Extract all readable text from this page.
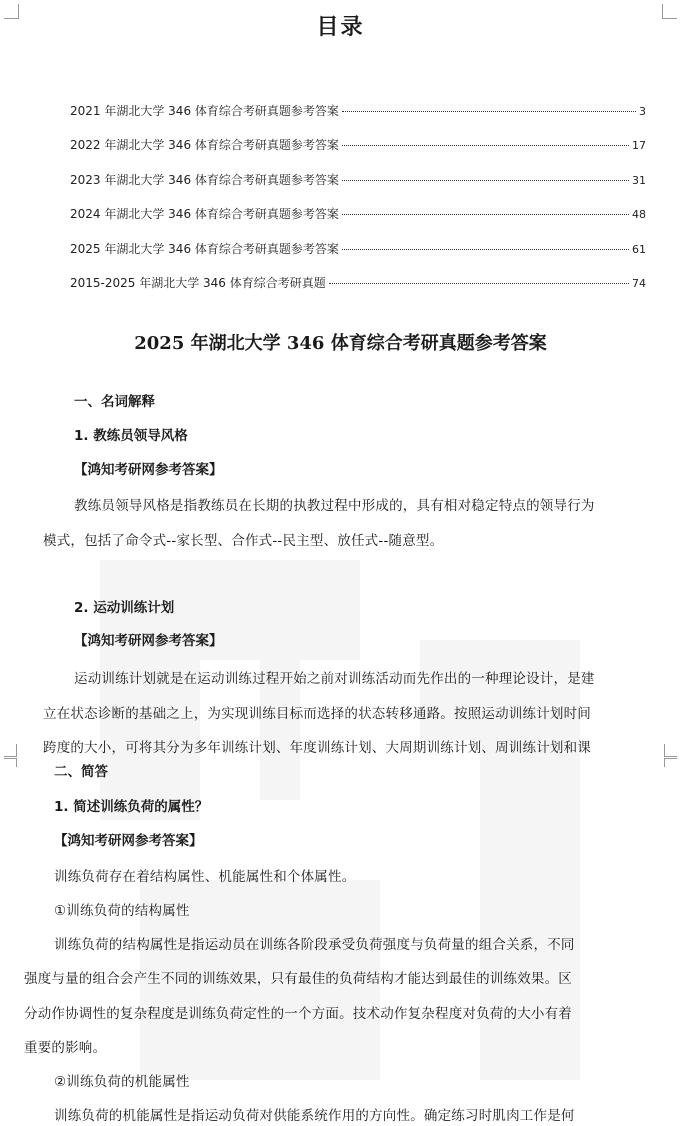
目录
2021 年湖北大学 346 体育综合考研真题参考答案	3
2022 年湖北大学 346 体育综合考研真题参考答案	17
2023 年湖北大学 346 体育综合考研真题参考答案	31
2024 年湖北大学 346 体育综合考研真题参考答案	48
2025 年湖北大学 346 体育综合考研真题参考答案	61
2015-2025 年湖北大学 346 体育综合考研真题	74
2025 年湖北大学 346 体育综合考研真题参考答案
一、名词解释
1. 教练员领导风格
【鸿知考研网参考答案】
教练员领导风格是指教练员在长期的执教过程中形成的，具有相对稳定特点的领导行为
模式，包括了命令式--家长型、合作式--民主型、放任式--随意型。
2. 运动训练计划
【鸿知考研网参考答案】
运动训练计划就是在运动训练过程开始之前对训练活动而先作出的一种理论设计，是建
立在状态诊断的基础之上，为实现训练目标而选择的状态转移通路。按照运动训练计划时间
跨度的大小，可将其分为多年训练计划、年度训练计划、大周期训练计划、周训练计划和课
二、简答
1. 简述训练负荷的属性？
【鸿知考研网参考答案】
训练负荷存在着结构属性、机能属性和个体属性。
①训练负荷的结构属性
训练负荷的结构属性是指运动员在训练各阶段承受负荷强度与负荷量的组合关系，不同
强度与量的组合会产生不同的训练效果，只有最佳的负荷结构才能达到最佳的训练效果。区
分动作协调性的复杂程度是训练负荷定性的一个方面。技术动作复杂程度对负荷的大小有着
重要的影响。
②训练负荷的机能属性
训练负荷的机能属性是指运动负荷对供能系统作用的方向性。确定练习时肌肉工作是何
